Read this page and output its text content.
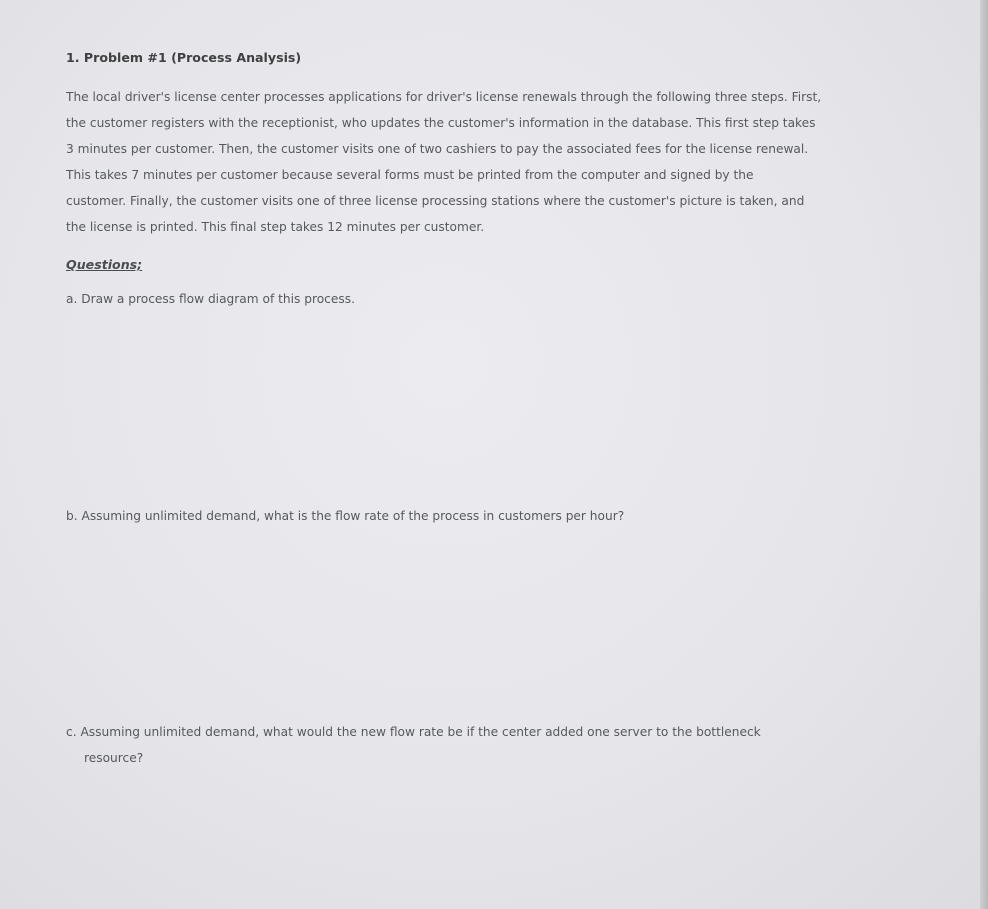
1. Problem #1 (Process Analysis)
The local driver's license center processes applications for driver's license renewals through the following three steps. First,
the customer registers with the receptionist, who updates the customer's information in the database. This first step takes
3 minutes per customer. Then, the customer visits one of two cashiers to pay the associated fees for the license renewal.
This takes 7 minutes per customer because several forms must be printed from the computer and signed by the
customer. Finally, the customer visits one of three license processing stations where the customer's picture is taken, and
the license is printed. This final step takes 12 minutes per customer.
Questions;
a. Draw a process flow diagram of this process.
b. Assuming unlimited demand, what is the flow rate of the process in customers per hour?
c. Assuming unlimited demand, what would the new flow rate be if the center added one server to the bottleneck
resource?
